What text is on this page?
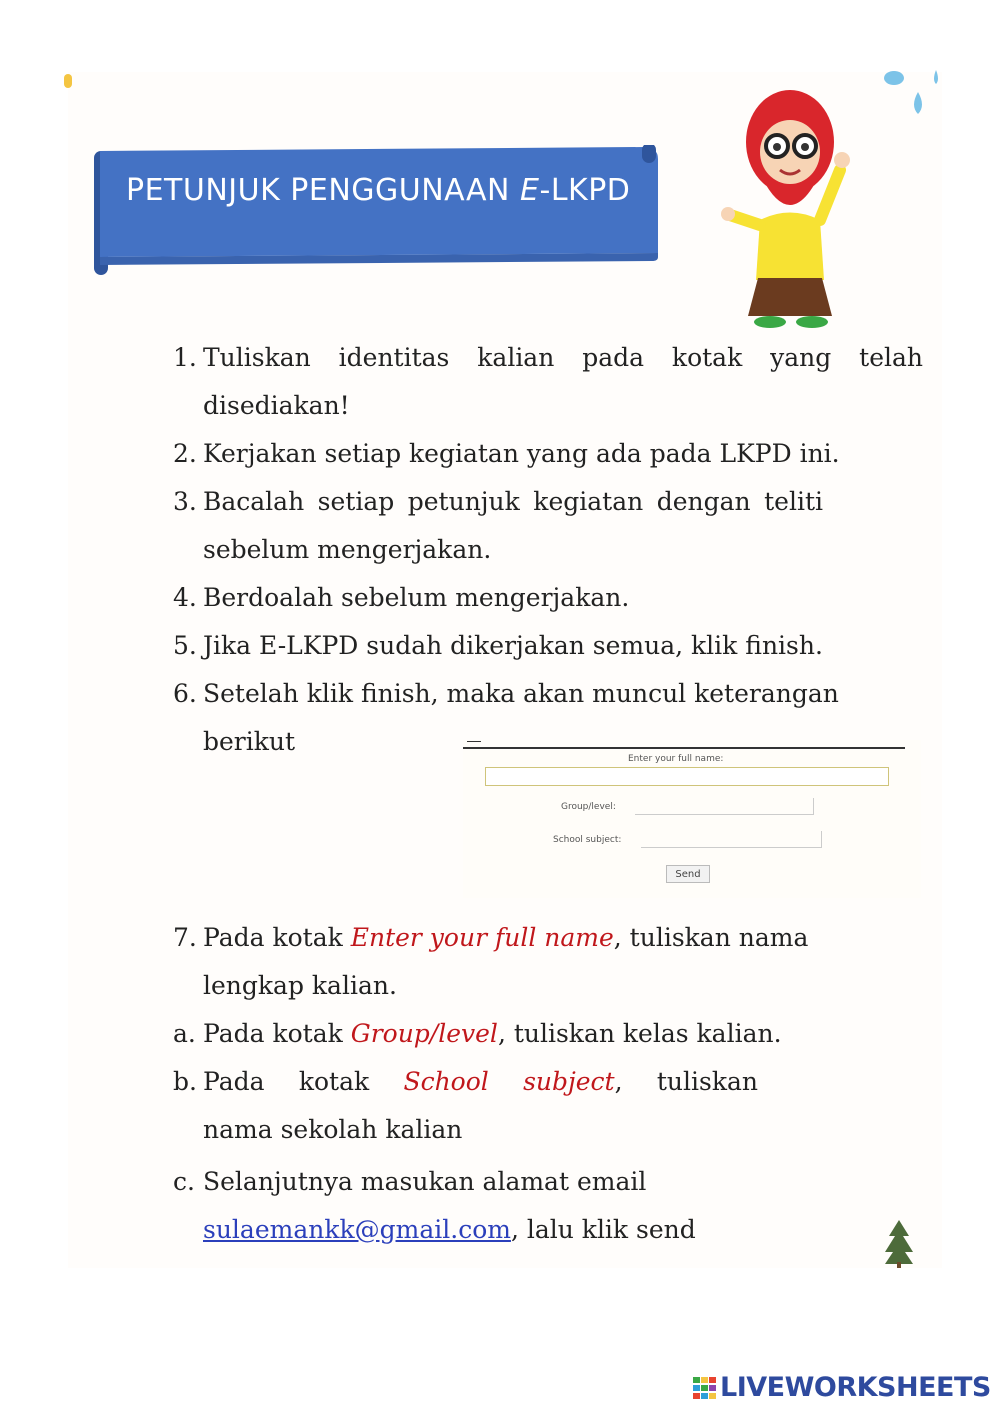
PETUNJUK PENGGUNAAN E-LKPD
1. Tuliskan identitas kalian pada kotak yang telah
disediakan!
2. Kerjakan setiap kegiatan yang ada pada LKPD ini.
3. Bacalah setiap petunjuk kegiatan dengan teliti
sebelum mengerjakan.
4. Berdoalah sebelum mengerjakan.
5. Jika E-LKPD sudah dikerjakan semua, klik finish.
6. Setelah klik finish, maka akan muncul keterangan
berikut
7. Pada kotak Enter your full name, tuliskan nama
lengkap kalian.
a. Pada kotak Group/level, tuliskan kelas kalian.
b. Pada kotak School subject, tuliskan
nama sekolah kalian
c. Selanjutnya masukan alamat email
sulaemankk@gmail.com, lalu klik send
Enter your full name:
Group/level:
School subject:
Send
LIVEWORKSHEETS
